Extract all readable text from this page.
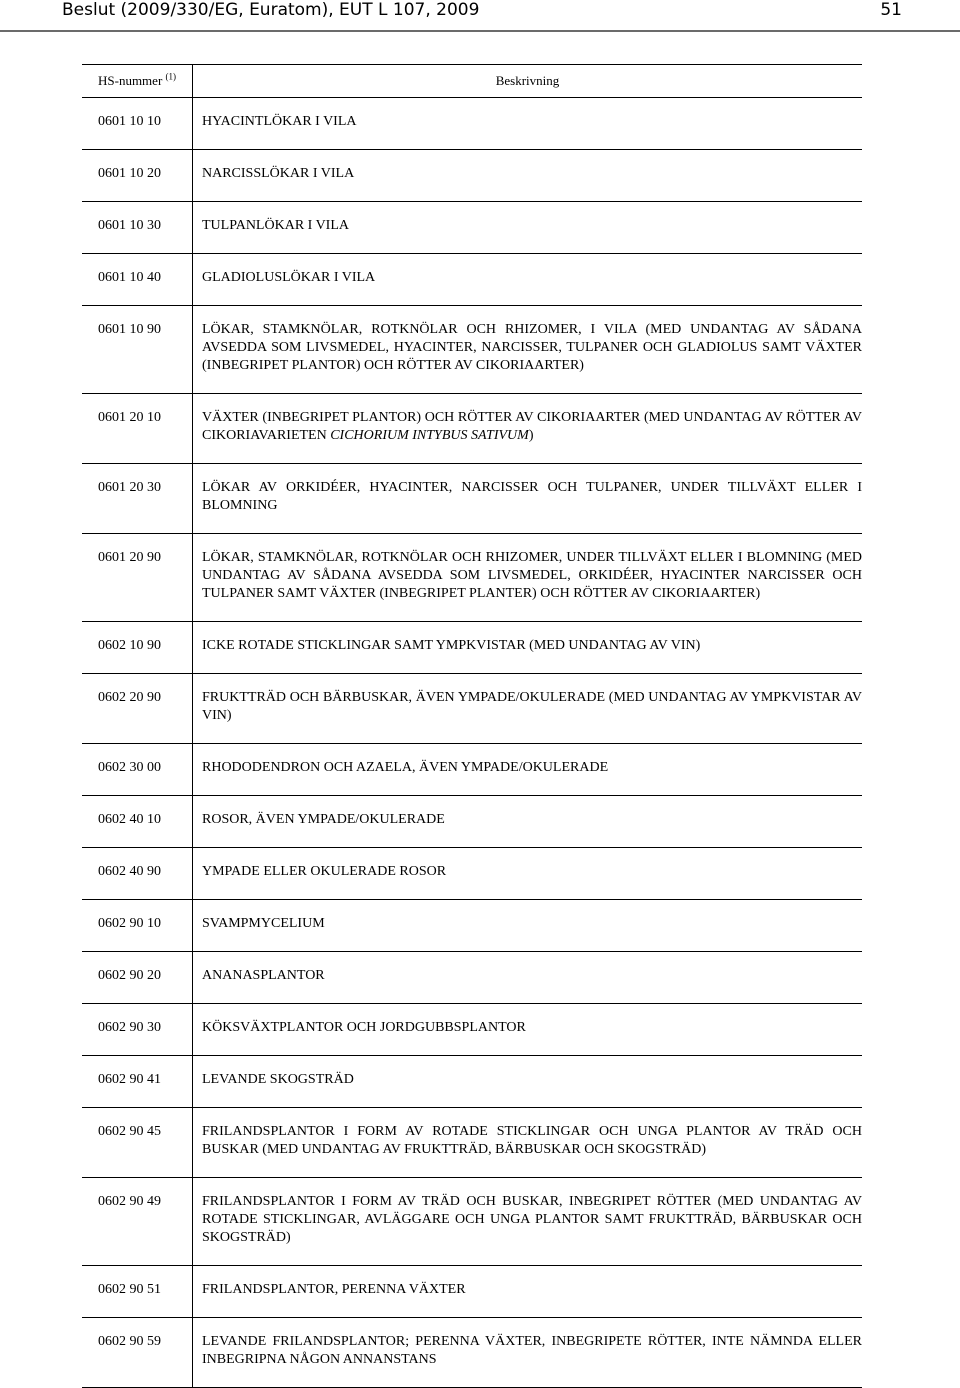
Beslut (2009/330/EG, Euratom), EUT L 107, 2009	51
HS-nummer $^{(1)}$	Beskrivning
0601 10 10	HYACINTLÖKAR I VILA
0601 10 20	NARCISSLÖKAR I VILA
0601 10 30	TULPANLÖKAR I VILA
0601 10 40	GLADIOLUSLÖKAR I VILA
0601 10 90	LÖKAR, STAMKNÖLAR, ROTKNÖLAR OCH RHIZOMER, I VILA (MED UNDANTAG AV SÅDANA AVSEDDA SOM LIVSMEDEL, HYACINTER, NARCISSER, TULPANER OCH GLADIOLUS SAMT VÄXTER (INBEGRIPET PLANTOR) OCH RÖTTER AV CIKORIAARTER)
0601 20 10	VÄXTER (INBEGRIPET PLANTOR) OCH RÖTTER AV CIKORIAARTER (MED UNDANTAG AV RÖTTER AV CIKORIAVARIETEN CICHORIUM INTYBUS SATIVUM)
0601 20 30	LÖKAR AV ORKIDÉER, HYACINTER, NARCISSER OCH TULPANER, UNDER TILLVÄXT ELLER I BLOMNING
0601 20 90	LÖKAR, STAMKNÖLAR, ROTKNÖLAR OCH RHIZOMER, UNDER TILLVÄXT ELLER I BLOMNING (MED UNDANTAG AV SÅDANA AVSEDDA SOM LIVSMEDEL, ORKIDÉER, HYACINTER NARCISSER OCH TULPANER SAMT VÄXTER (INBEGRIPET PLANTER) OCH RÖTTER AV CIKORIAARTER)
0602 10 90	ICKE ROTADE STICKLINGAR SAMT YMPKVISTAR (MED UNDANTAG AV VIN)
0602 20 90	FRUKTTRÄD OCH BÄRBUSKAR, ÄVEN YMPADE/OKULERADE (MED UNDANTAG AV YMPKVISTAR AV VIN)
0602 30 00	RHODODENDRON OCH AZAELA, ÄVEN YMPADE/OKULERADE
0602 40 10	ROSOR, ÄVEN YMPADE/OKULERADE
0602 40 90	YMPADE ELLER OKULERADE ROSOR
0602 90 10	SVAMPMYCELIUM
0602 90 20	ANANASPLANTOR
0602 90 30	KÖKSVÄXTPLANTOR OCH JORDGUBBSPLANTOR
0602 90 41	LEVANDE SKOGSTRÄD
0602 90 45	FRILANDSPLANTOR I FORM AV ROTADE STICKLINGAR OCH UNGA PLANTOR AV TRÄD OCH BUSKAR (MED UNDANTAG AV FRUKTTRÄD, BÄRBUSKAR OCH SKOGSTRÄD)
0602 90 49	FRILANDSPLANTOR I FORM AV TRÄD OCH BUSKAR, INBEGRIPET RÖTTER (MED UNDANTAG AV ROTADE STICKLINGAR, AVLÄGGARE OCH UNGA PLANTOR SAMT FRUKTTRÄD, BÄRBUSKAR OCH SKOGSTRÄD)
0602 90 51	FRILANDSPLANTOR, PERENNA VÄXTER
0602 90 59	LEVANDE FRILANDSPLANTOR; PERENNA VÄXTER, INBEGRIPETE RÖTTER, INTE NÄMNDA ELLER INBEGRIPNA NÅGON ANNANSTANS
